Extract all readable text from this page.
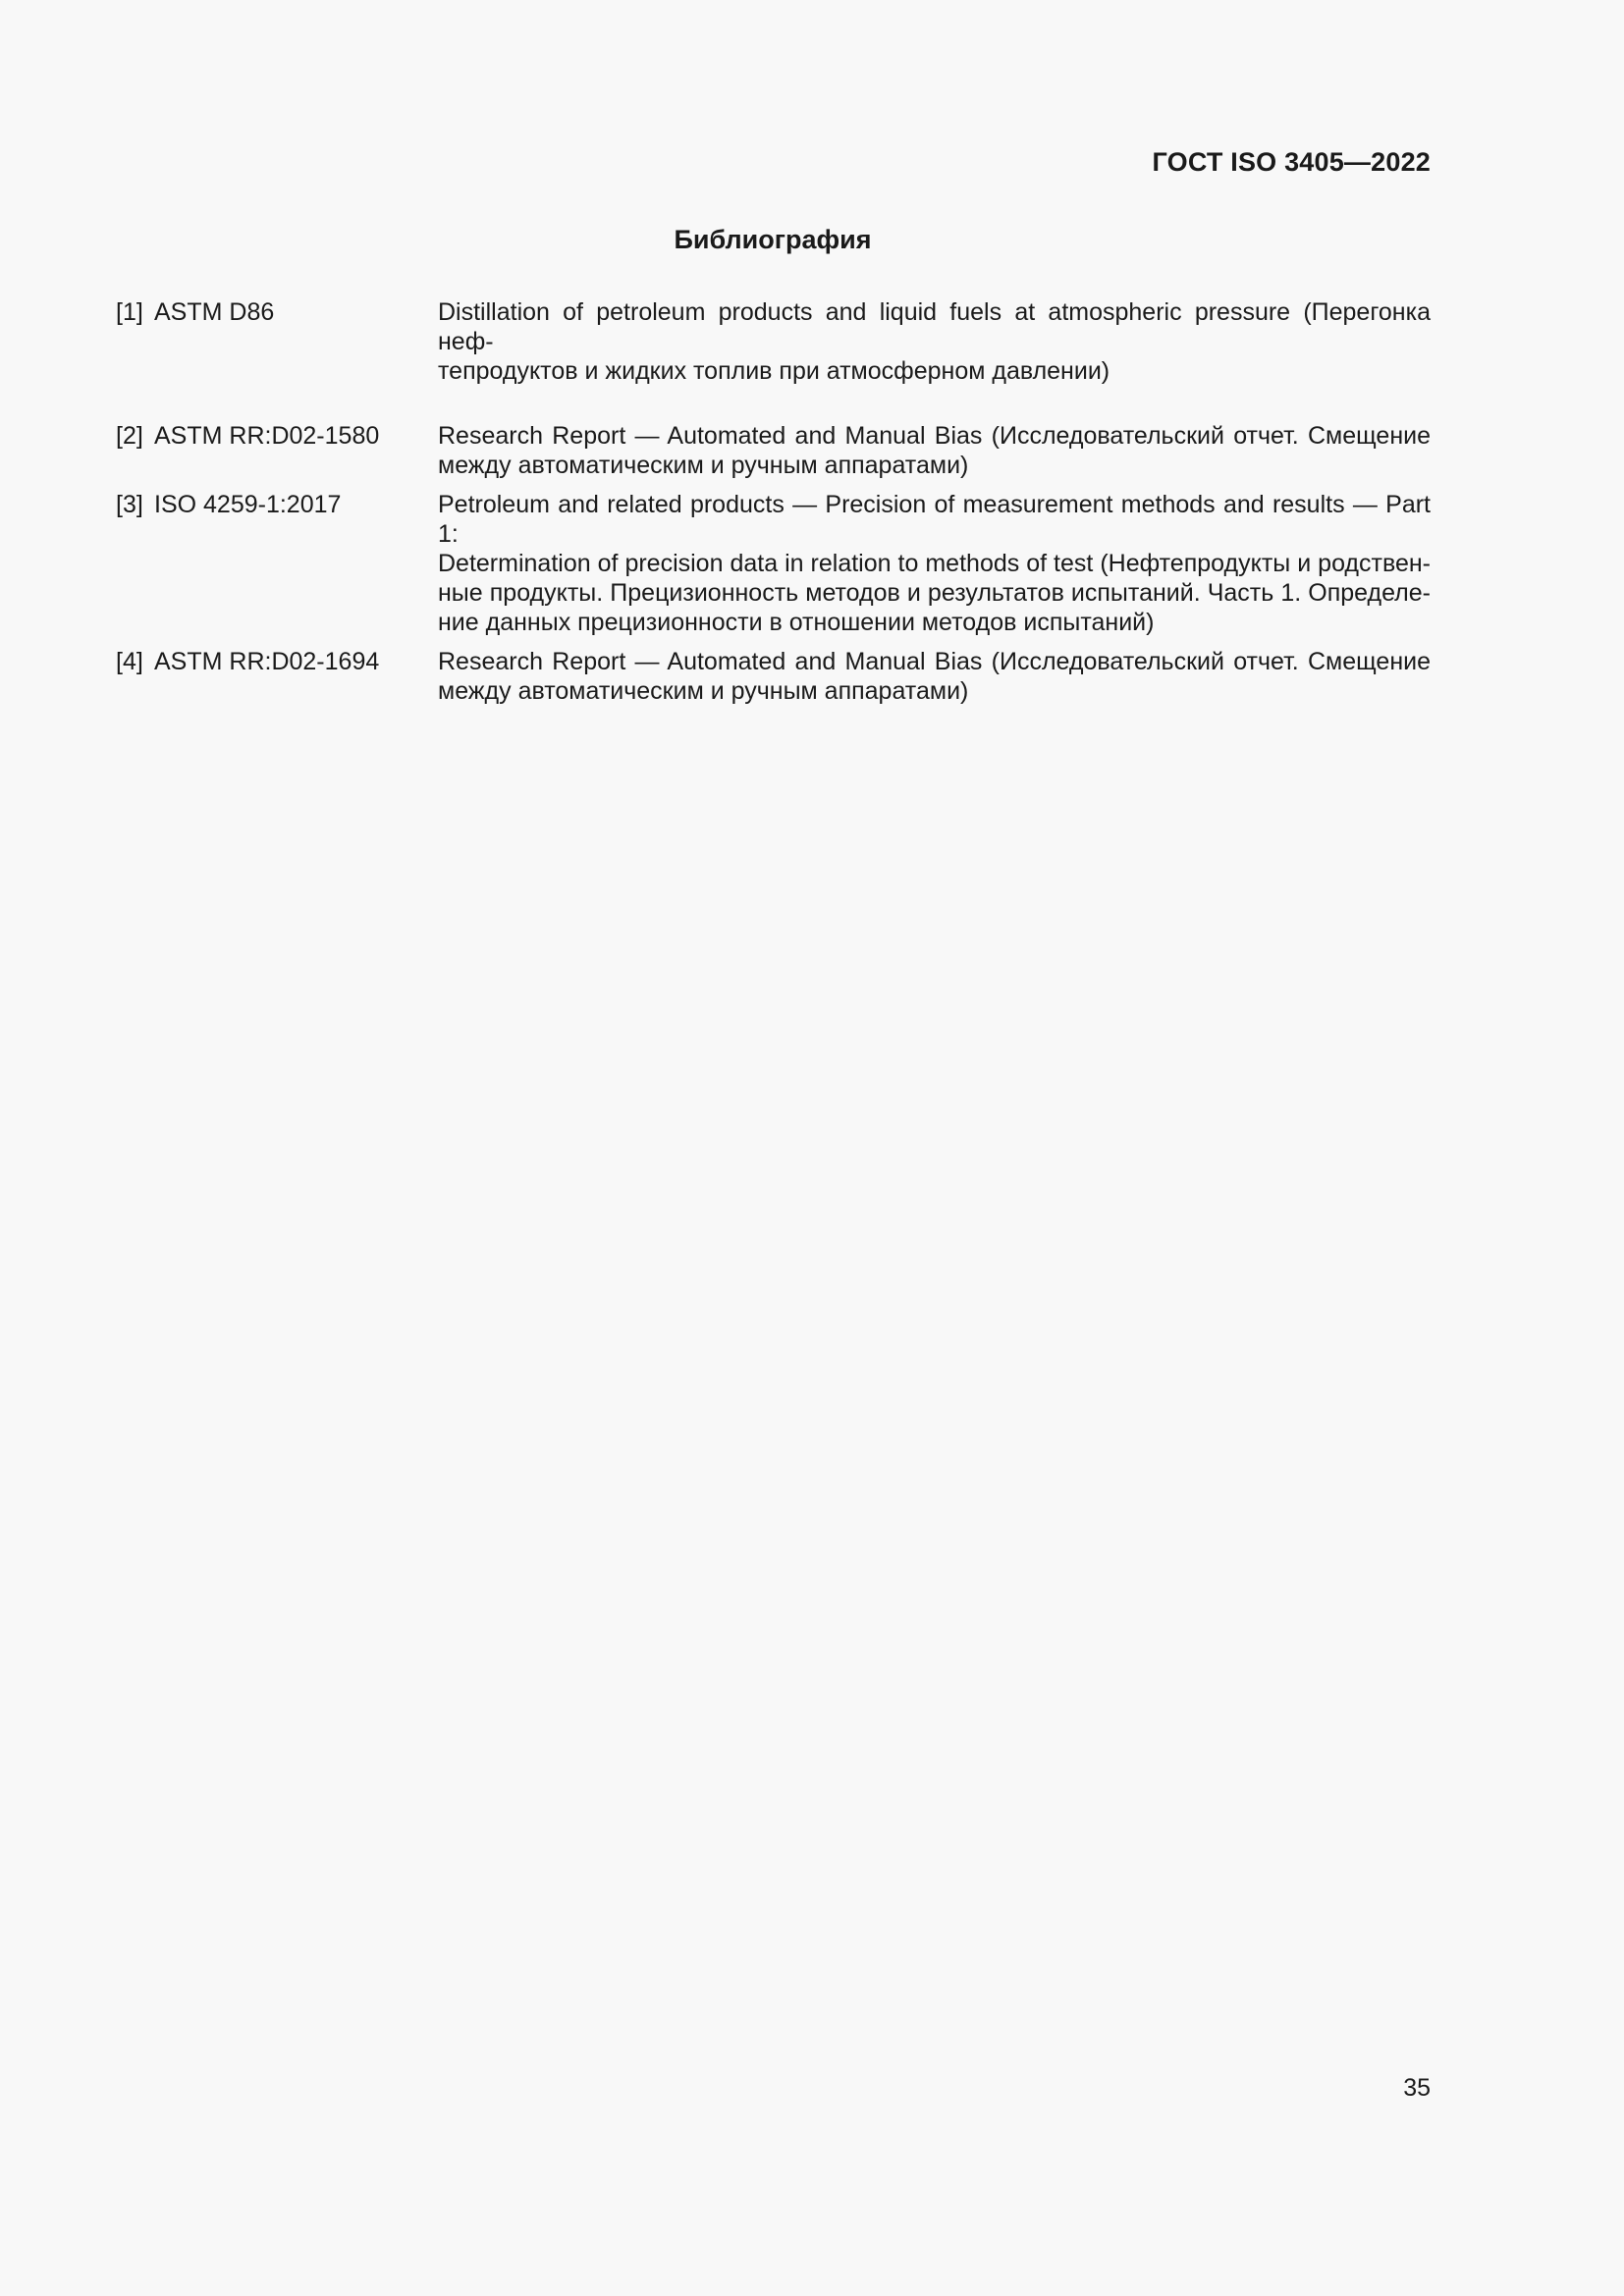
ГОСТ ISO 3405—2022
Библиография
[1] ASTM D86	Distillation of petroleum products and liquid fuels at atmospheric pressure (Перегонка неф-
тепродуктов и жидких топлив при атмосферном давлении)
[2] ASTM RR:D02-1580	Research Report — Automated and Manual Bias (Исследовательский отчет. Смещение
между автоматическим и ручным аппаратами)
[3] ISO 4259-1:2017	Petroleum and related products — Precision of measurement methods and results — Part 1:
Determination of precision data in relation to methods of test (Нефтепродукты и родствен-
ные продукты. Прецизионность методов и результатов испытаний. Часть 1. Определе-
ние данных прецизионности в отношении методов испытаний)
[4] ASTM RR:D02-1694	Research Report — Automated and Manual Bias (Исследовательский отчет. Смещение
между автоматическим и ручным аппаратами)
35
